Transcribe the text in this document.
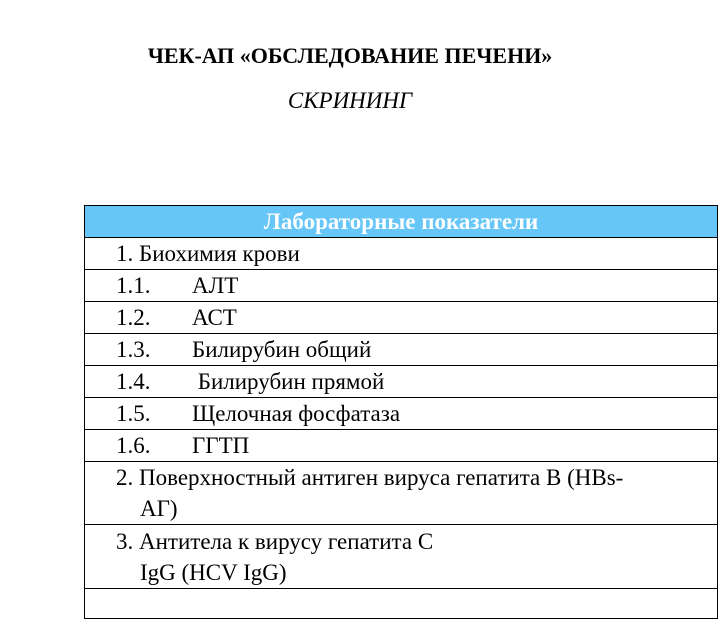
ЧЕК-АП «ОБСЛЕДОВАНИЕ ПЕЧЕНИ»
СКРИНИНГ
Лабораторные показатели
1. Биохимия крови
1.1. АЛТ
1.2. АСТ
1.3. Билирубин общий
1.4. Билирубин прямой
1.5. Щелочная фосфатаза
1.6. ГГТП
2. Поверхностный антиген вируса гепатита В (HBs-
АГ)

3. Антитела к вирусу гепатита С
IgG (HCV IgG)
